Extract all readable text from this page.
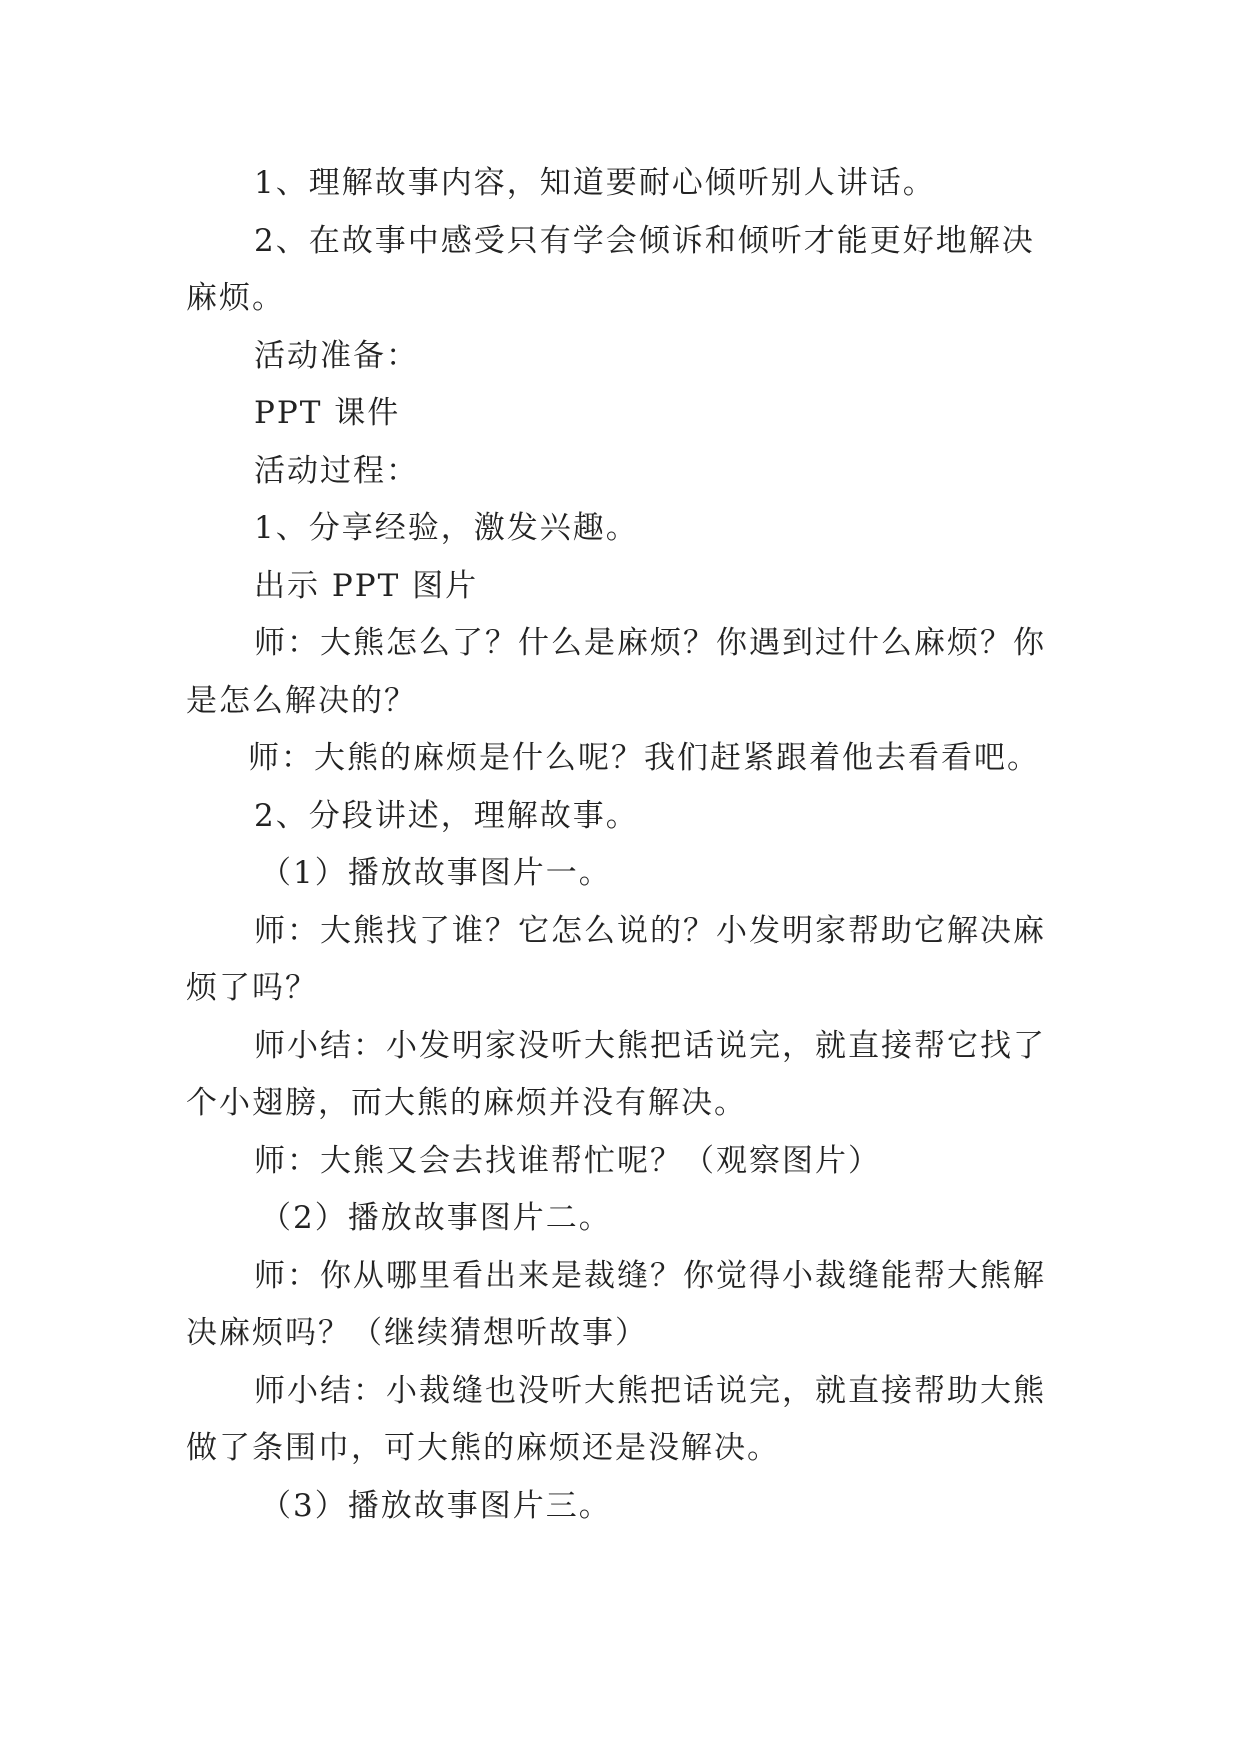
1、理解故事内容，知道要耐心倾听别人讲话。

2、在故事中感受只有学会倾诉和倾听才能更好地解决

麻烦。

活动准备：

PPT 课件

活动过程：

1、分享经验，激发兴趣。

出示 PPT 图片

师：大熊怎么了？什么是麻烦？你遇到过什么麻烦？你

是怎么解决的？

师：大熊的麻烦是什么呢？我们赶紧跟着他去看看吧。

2、分段讲述，理解故事。

（1）播放故事图片一。

师：大熊找了谁？它怎么说的？小发明家帮助它解决麻

烦了吗？

师小结：小发明家没听大熊把话说完，就直接帮它找了

个小翅膀，而大熊的麻烦并没有解决。

师：大熊又会去找谁帮忙呢？（观察图片）

（2）播放故事图片二。

师：你从哪里看出来是裁缝？你觉得小裁缝能帮大熊解

决麻烦吗？（继续猜想听故事）

师小结：小裁缝也没听大熊把话说完，就直接帮助大熊

做了条围巾，可大熊的麻烦还是没解决。

（3）播放故事图片三。
